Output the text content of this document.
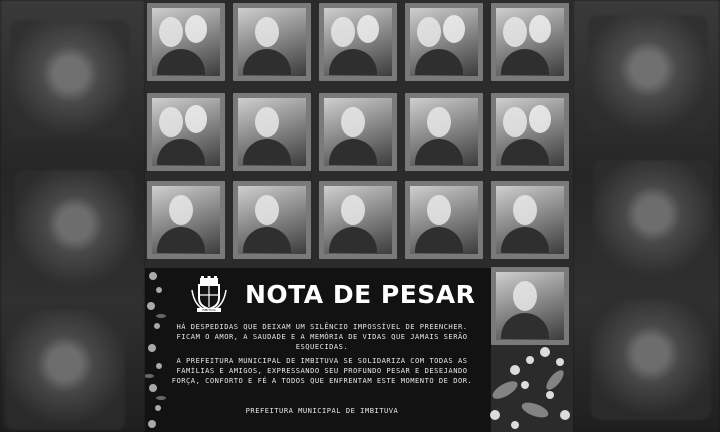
IMBITUVA
NOTA DE PESAR
HÁ DESPEDIDAS QUE DEIXAM UM SILÊNCIO IMPOSSÍVEL DE PREENCHER. FICAM O AMOR, A SAUDADE E A MEMÓRIA DE VIDAS QUE JAMAIS SERÃO ESQUECIDAS.
A PREFEITURA MUNICIPAL DE IMBITUVA SE SOLIDARIZA COM TODAS AS FAMÍLIAS E AMIGOS, EXPRESSANDO SEU PROFUNDO PESAR E DESEJANDO FORÇA, CONFORTO E FÉ A TODOS QUE ENFRENTAM ESTE MOMENTO DE DOR.
PREFEITURA MUNICIPAL DE IMBITUVA
